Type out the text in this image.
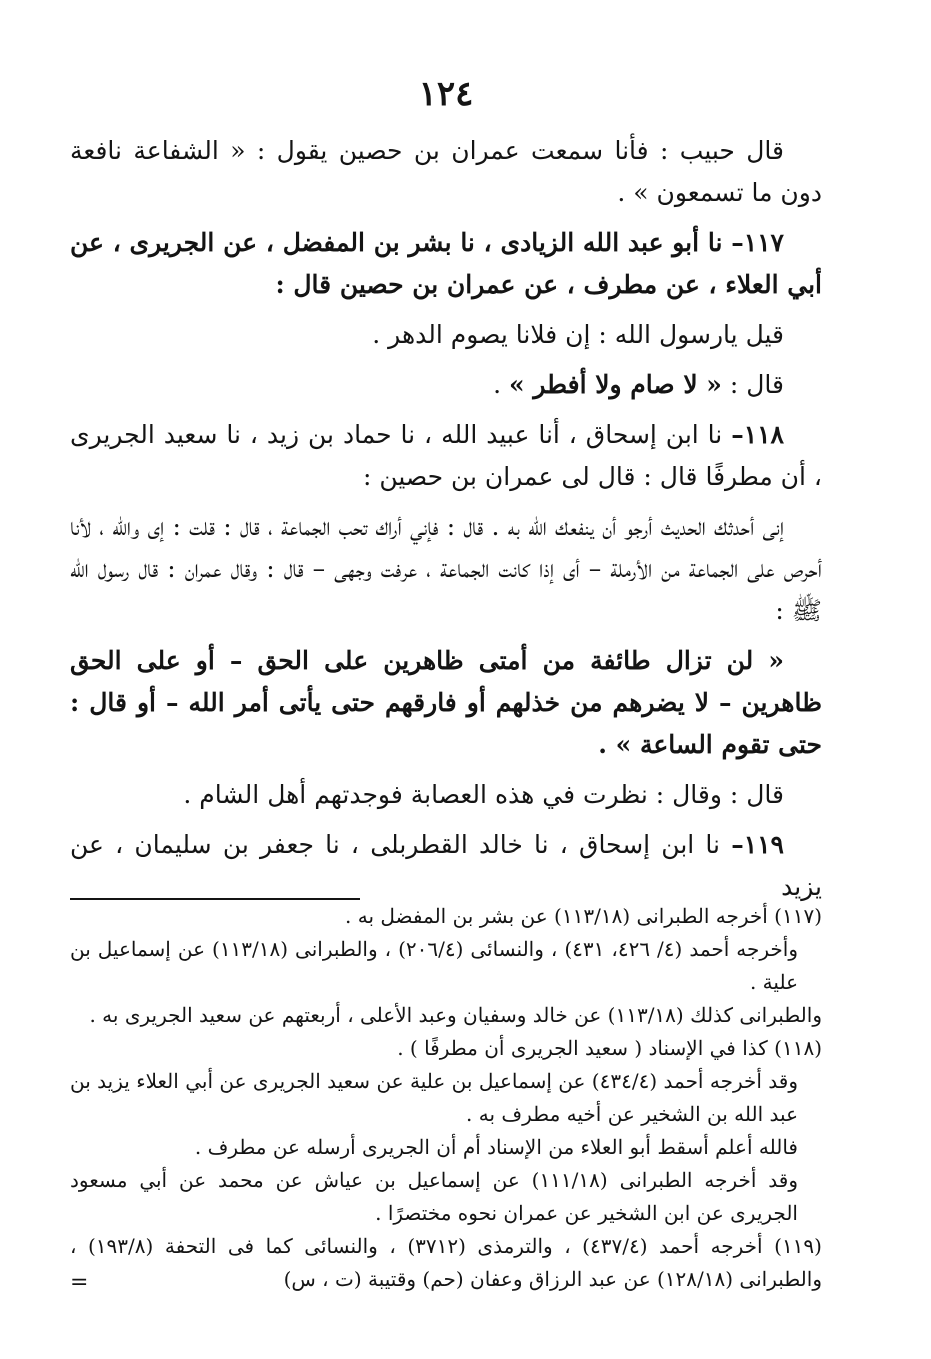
١٢٤

قال حبيب : فأنا سمعت عمران بن حصين يقول : « الشفاعة نافعة دون ما تسمعون » .

١١٧– نا أبو عبد الله الزيادى ، نا بشر بن المفضل ، عن الجريرى ، عن أبي العلاء ، عن مطرف ، عن عمران بن حصين قال :

قيل يارسول الله : إن فلانا يصوم الدهر .

قال : « لا صام ولا أفطر » .

١١٨– نا ابن إسحاق ، أنا عبيد الله ، نا حماد بن زيد ، نا سعيد الجريرى ، أن مطرفًا قال : قال لى عمران بن حصين :

إنى أحدثك الحديث أرجو أن ينفعك الله به . قال : فإني أراك تحب الجماعة ، قال : قلت : إى والله ، لأنا أحرص على الجماعة من الأرملة – أى إذا كانت الجماعة ، عرفت وجهى – قال : وقال عمران : قال رسول الله ﷺ :

« لن تزال طائفة من أمتى ظاهرين على الحق – أو على الحق ظاهرين – لا يضرهم من خذلهم أو فارقهم حتى يأتى أمر الله – أو قال : حتى تقوم الساعة » .

قال : وقال : نظرت في هذه العصابة فوجدتهم أهل الشام .

١١٩– نا ابن إسحاق ، نا خالد القطربلى ، نا جعفر بن سليمان ، عن يزيد

(١١٧) أخرجه الطبرانى (١١٣/١٨) عن بشر بن المفضل به .

وأخرجه أحمد (٤/ ٤٢٦، ٤٣١) ، والنسائى (٢٠٦/٤) ، والطبرانى (١١٣/١٨) عن إسماعيل بن علية .

والطبرانى كذلك (١١٣/١٨) عن خالد وسفيان وعبد الأعلى ، أربعتهم عن سعيد الجريرى به .

(١١٨) كذا في الإسناد ( سعيد الجريرى أن مطرفًا ) .

وقد أخرجه أحمد (٤٣٤/٤) عن إسماعيل بن علية عن سعيد الجريرى عن أبي العلاء يزيد بن عبد الله بن الشخير عن أخيه مطرف به .

فالله أعلم أسقط أبو العلاء من الإسناد أم أن الجريرى أرسله عن مطرف .

وقد أخرجه الطبرانى (١١١/١٨) عن إسماعيل بن عياش عن محمد عن أبي مسعود الجريرى عن ابن الشخير عن عمران نحوه مختصرًا .

(١١٩) أخرجه أحمد (٤٣٧/٤) ، والترمذى (٣٧١٢) ، والنسائى كما فى التحفة (١٩٣/٨) ، والطبرانى (١٢٨/١٨) عن عبد الرزاق وعفان (حم) وقتيبة (ت ، س)

=
